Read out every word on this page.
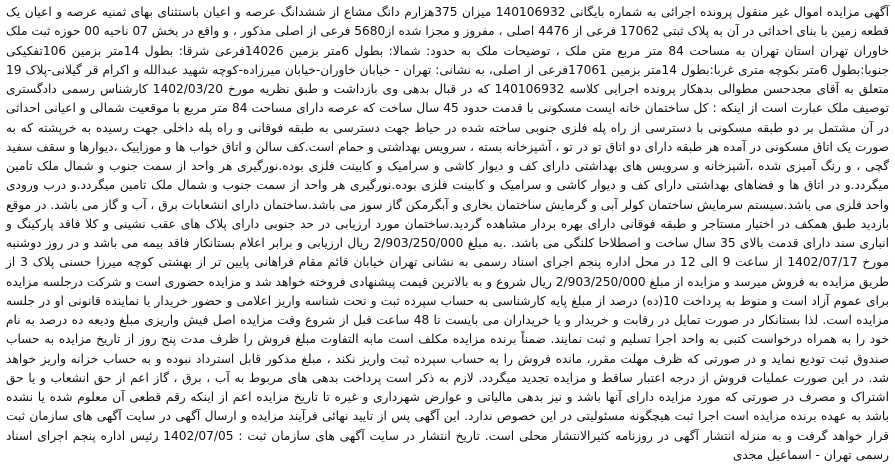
آگهی مزایده اموال غیر منقول پرونده اجرائی به شماره بایگانی 140106932 میزان 375هزارم دانگ مشاع از ششدانگ عرصه و اعیان باستثنای بهای ثمنیه عرصه و اعیان یک قطعه زمین با بنای احداثی در آن به پلاک ثبتی 17062 فرعی از 4476 اصلی ، مفروز و مجزا شده از5680 فرعی از اصلی مذکور ، و واقع در بخش 07 ناحیه 00 حوزه ثبت ملک خاوران تهران استان تهران به مساحت 84 متر مربع متن ملک ، توضیحات ملک به حدود: شمالا: بطول 6متر بزمین 14026فرعی شرقا: بطول 14متر بزمین 106تفکیکی جنوبا:بطول 6متر بکوچه متری غربا:بطول 14متر بزمین 17061فرعی از اصلی، به نشانی: تهران - خیابان خاوران-خیابان میرزاده-کوچه شهید عبدالله و اکرام قر گیلانی-پلاک 19 متعلق به آقای مجدحسن مطوالی بدهکار پرونده اجرایی کلاسه 140106932 که در قبال بدهی وی بازداشت و طبق نظریه مورخ 1402/03/20 کارشناس رسمی دادگستری توصیف ملک عبارت است از اینکه : کل ساختمان خانه ایست مسکونی با قدمت حدود 45 سال ساخت که عرصه دارای مساحت 84 متر مربع با موقعیت شمالی و اعیانی احداثی در آن مشتمل بر دو طبقه مسکونی با دسترسی از راه پله فلزی جنوبی ساخته شده در حیاط جهت دسترسی به طبقه فوقانی و راه پله داخلی جهت رسیده به خرپشته که به صورت یک اتاق مسکونی در آمده هر طبقه دارای دو اتاق تو در تو ، آشپزخانه بسته ، سرویس بهداشتی و حمام است.کف سالن و اتاق خواب ها و موزاییک ،دیوارها و سقف سفید گچی ، و رنگ آمیزی شده ،آشپزخانه و سرویس های بهداشتی دارای کف و دیوار کاشی و سرامیک و کابینت فلزی بوده.نورگیری هر واحد از سمت جنوب و شمال ملک تامین میگردد.و در اتاق ها و فضاهای بهداشتی دارای کف و دیوار کاشی و سرامیک و کابینت فلزی بوده.نورگیری هر واحد از سمت جنوب و شمال ملک تامین میگردد.و درب ورودی واحد فلزی می باشد.سیستم سرمایش ساختمان کولر آبی و گرمایش ساختمان بخاری و آبگرمکن گاز سوز می باشد.ساختمان دارای انشعابات برق ، آب و گاز می باشد. در موقع بازدید طبق همکف در اختیار مستاجر و طبقه فوقانی دارای بهره بردار مشاهده گردید.ساختمان مورد ارزیابی در حد جنوبی دارای پلاک های عقب نشینی و کلا فاقد پارکینگ و انباری سند دارای قدمت بالای 35 سال ساخت و اصطلاحا کلنگی می باشد. .به مبلغ 2/903/250/000 ریال ارزیابی و برابر اعلام بستانکار فاقد بیمه می باشد و در روز دوشنبه مورخ 1402/07/17 از ساعت 9 الی 12 در محل اداره پنجم اجرای اسناد رسمی به نشانی تهران خیابان قائم مقام فراهانی پایین تر از بهشتی کوچه میرزا حسنی پلاک 3 از طریق مزایده به فروش میرسد و مزایده از مبلغ 2/903/250/000 ریال شروع و به بالاترین قیمت پیشنهادی فروخته خواهد شد و مزایده حضوری است و شرکت درجلسه مزایده برای عموم آزاد است و منوط به پرداخت 10(ده) درصد از مبلغ پایه کارشناسی به حساب سپرده ثبت و تحت شناسه واریز اعلامی و حضور خریدار یا نماینده قانونی او در جلسه مزایده است. لذا بستانکار در صورت تمایل در رقابت و خریدار و یا خریداران می بایست تا 48 ساعت قبل از شروع وقت مزایده اصل فیش واریزی مبلغ ودیعه ده درصد به نام خود را به همراه درخواست کتبی به واحد اجرا تسلیم و ثبت نمایند. ضمناً برنده مزایده مکلف است مابه التفاوت مبلغ فروش را ظرف مدت پنج روز از تاریخ مزایده به حساب صندوق ثبت تودیع نماید و در صورتی که ظرف مهلت مقرر، مانده فروش را به حساب سپرده ثبت واریز نکند ، مبلغ مذکور قابل استرداد نبوده و به حساب خزانه واریز خواهد شد. در این صورت عملیات فروش از درجه اعتبار ساقط و مزایده تجدید میگردد. لازم به ذکر است پرداخت بدهی های مربوط به آب ، برق ، گاز اعم از حق انشعاب و یا حق اشتراک و مصرف در صورتی که مورد مزایده دارای آنها باشد و نیز بدهی مالیاتی و عوارض شهرداری و غیره تا تاریخ مزایده اعم از اینکه رقم قطعی آن معلوم شده یا نشده باشد به عهده برنده مزایده است اجرا ثبت هیچگونه مسئولیتی در این خصوص ندارد. این آگهی پس از تایید نهائی فرآیند مزایده و ارسال آگهی در سایت آگهی های سازمان ثبت قرار خواهد گرفت و به منزله انتشار آگهی در روزنامه کثیرالانتشار محلی است. تاریخ انتشار در سایت آگهی های سازمان ثبت : 1402/07/05 رئیس اداره پنجم اجرای اسناد رسمی تهران - اسماعیل مجدی
